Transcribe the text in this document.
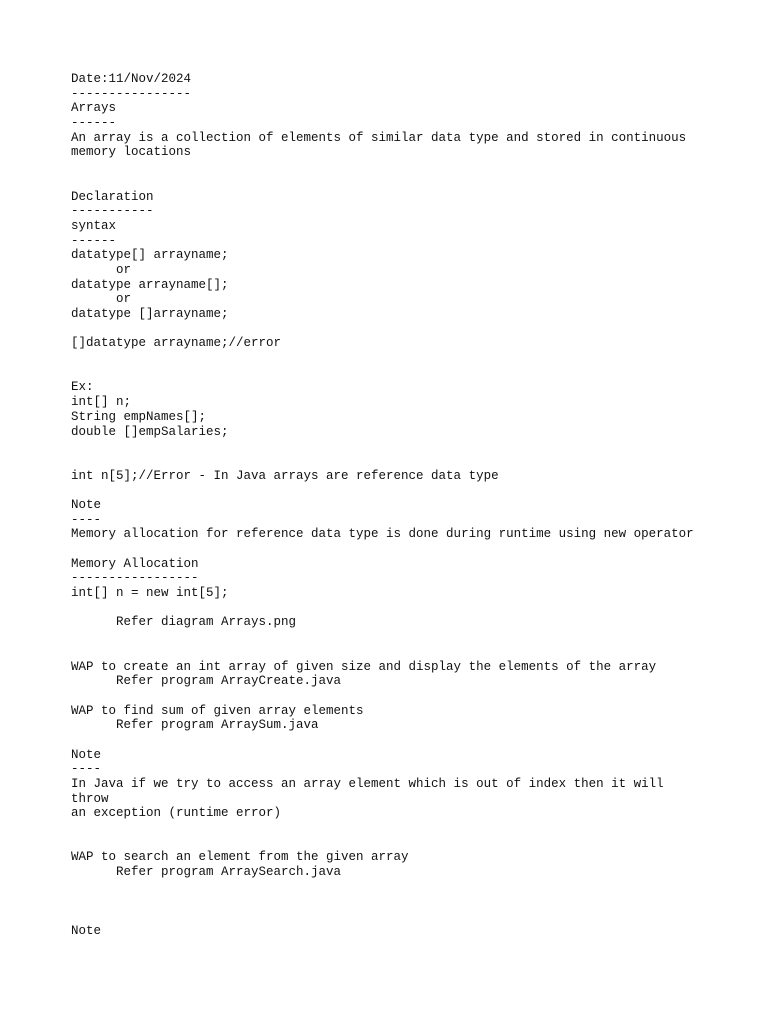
Date:11/Nov/2024
----------------
Arrays
------
An array is a collection of elements of similar data type and stored in continuous
memory locations
Declaration
-----------
syntax
------
datatype[] arrayname;
or
datatype arrayname[];
or
datatype []arrayname;
[]datatype arrayname;//error
Ex:
int[] n;
String empNames[];
double []empSalaries;
int n[5];//Error - In Java arrays are reference data type
Note
----
Memory allocation for reference data type is done during runtime using new operator
Memory Allocation
-----------------
int[] n = new int[5];
Refer diagram Arrays.png
WAP to create an int array of given size and display the elements of the array
Refer program ArrayCreate.java
WAP to find sum of given array elements
Refer program ArraySum.java
Note
----
In Java if we try to access an array element which is out of index then it will
throw
an exception (runtime error)
WAP to search an element from the given array
Refer program ArraySearch.java
Note
